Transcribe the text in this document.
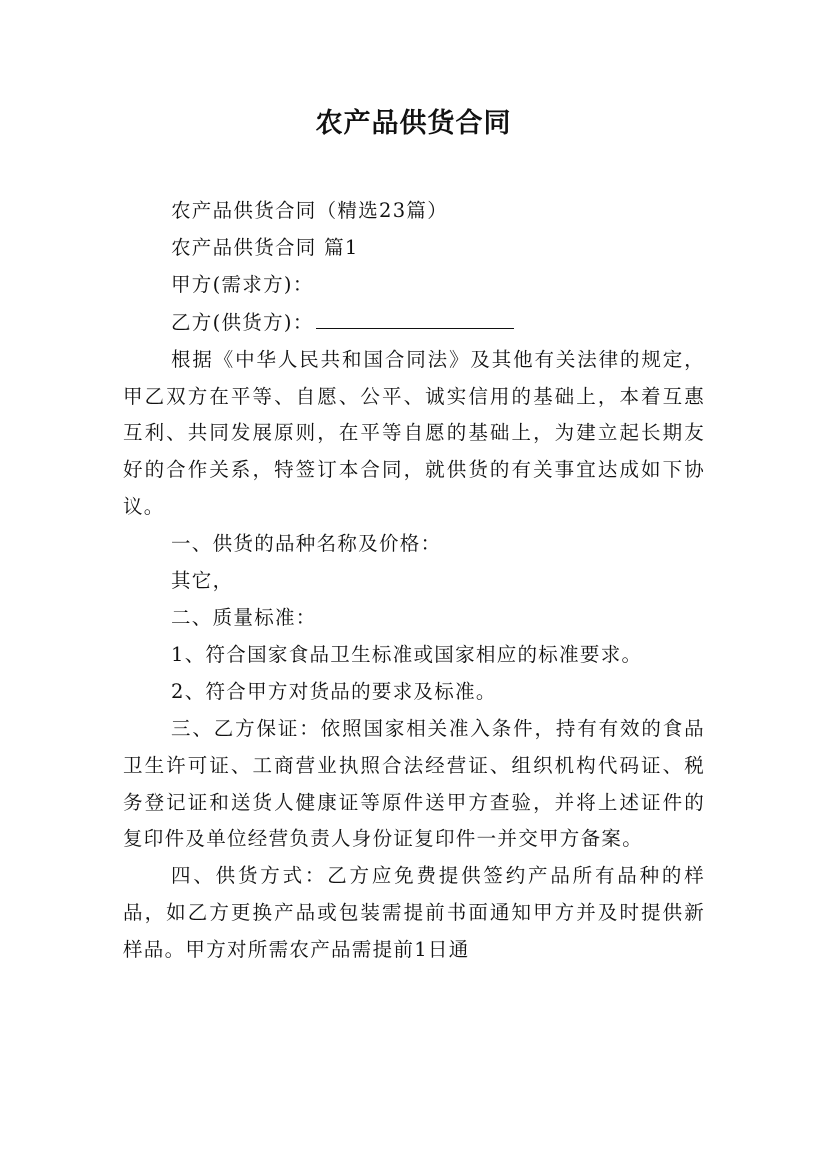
农产品供货合同

农产品供货合同（精选23篇）

农产品供货合同 篇1

甲方(需求方)：

乙方(供货方)：

根据《中华人民共和国合同法》及其他有关法律的规定，甲乙双方在平等、自愿、公平、诚实信用的基础上，本着互惠互利、共同发展原则，在平等自愿的基础上，为建立起长期友好的合作关系，特签订本合同，就供货的有关事宜达成如下协议。

一、供货的品种名称及价格：

其它，

二、质量标准：

1、符合国家食品卫生标准或国家相应的标准要求。

2、符合甲方对货品的要求及标准。

三、乙方保证：依照国家相关准入条件，持有有效的食品卫生许可证、工商营业执照合法经营证、组织机构代码证、税务登记证和送货人健康证等原件送甲方查验，并将上述证件的复印件及单位经营负责人身份证复印件一并交甲方备案。

四、供货方式：乙方应免费提供签约产品所有品种的样品，如乙方更换产品或包装需提前书面通知甲方并及时提供新样品。甲方对所需农产品需提前1日通
